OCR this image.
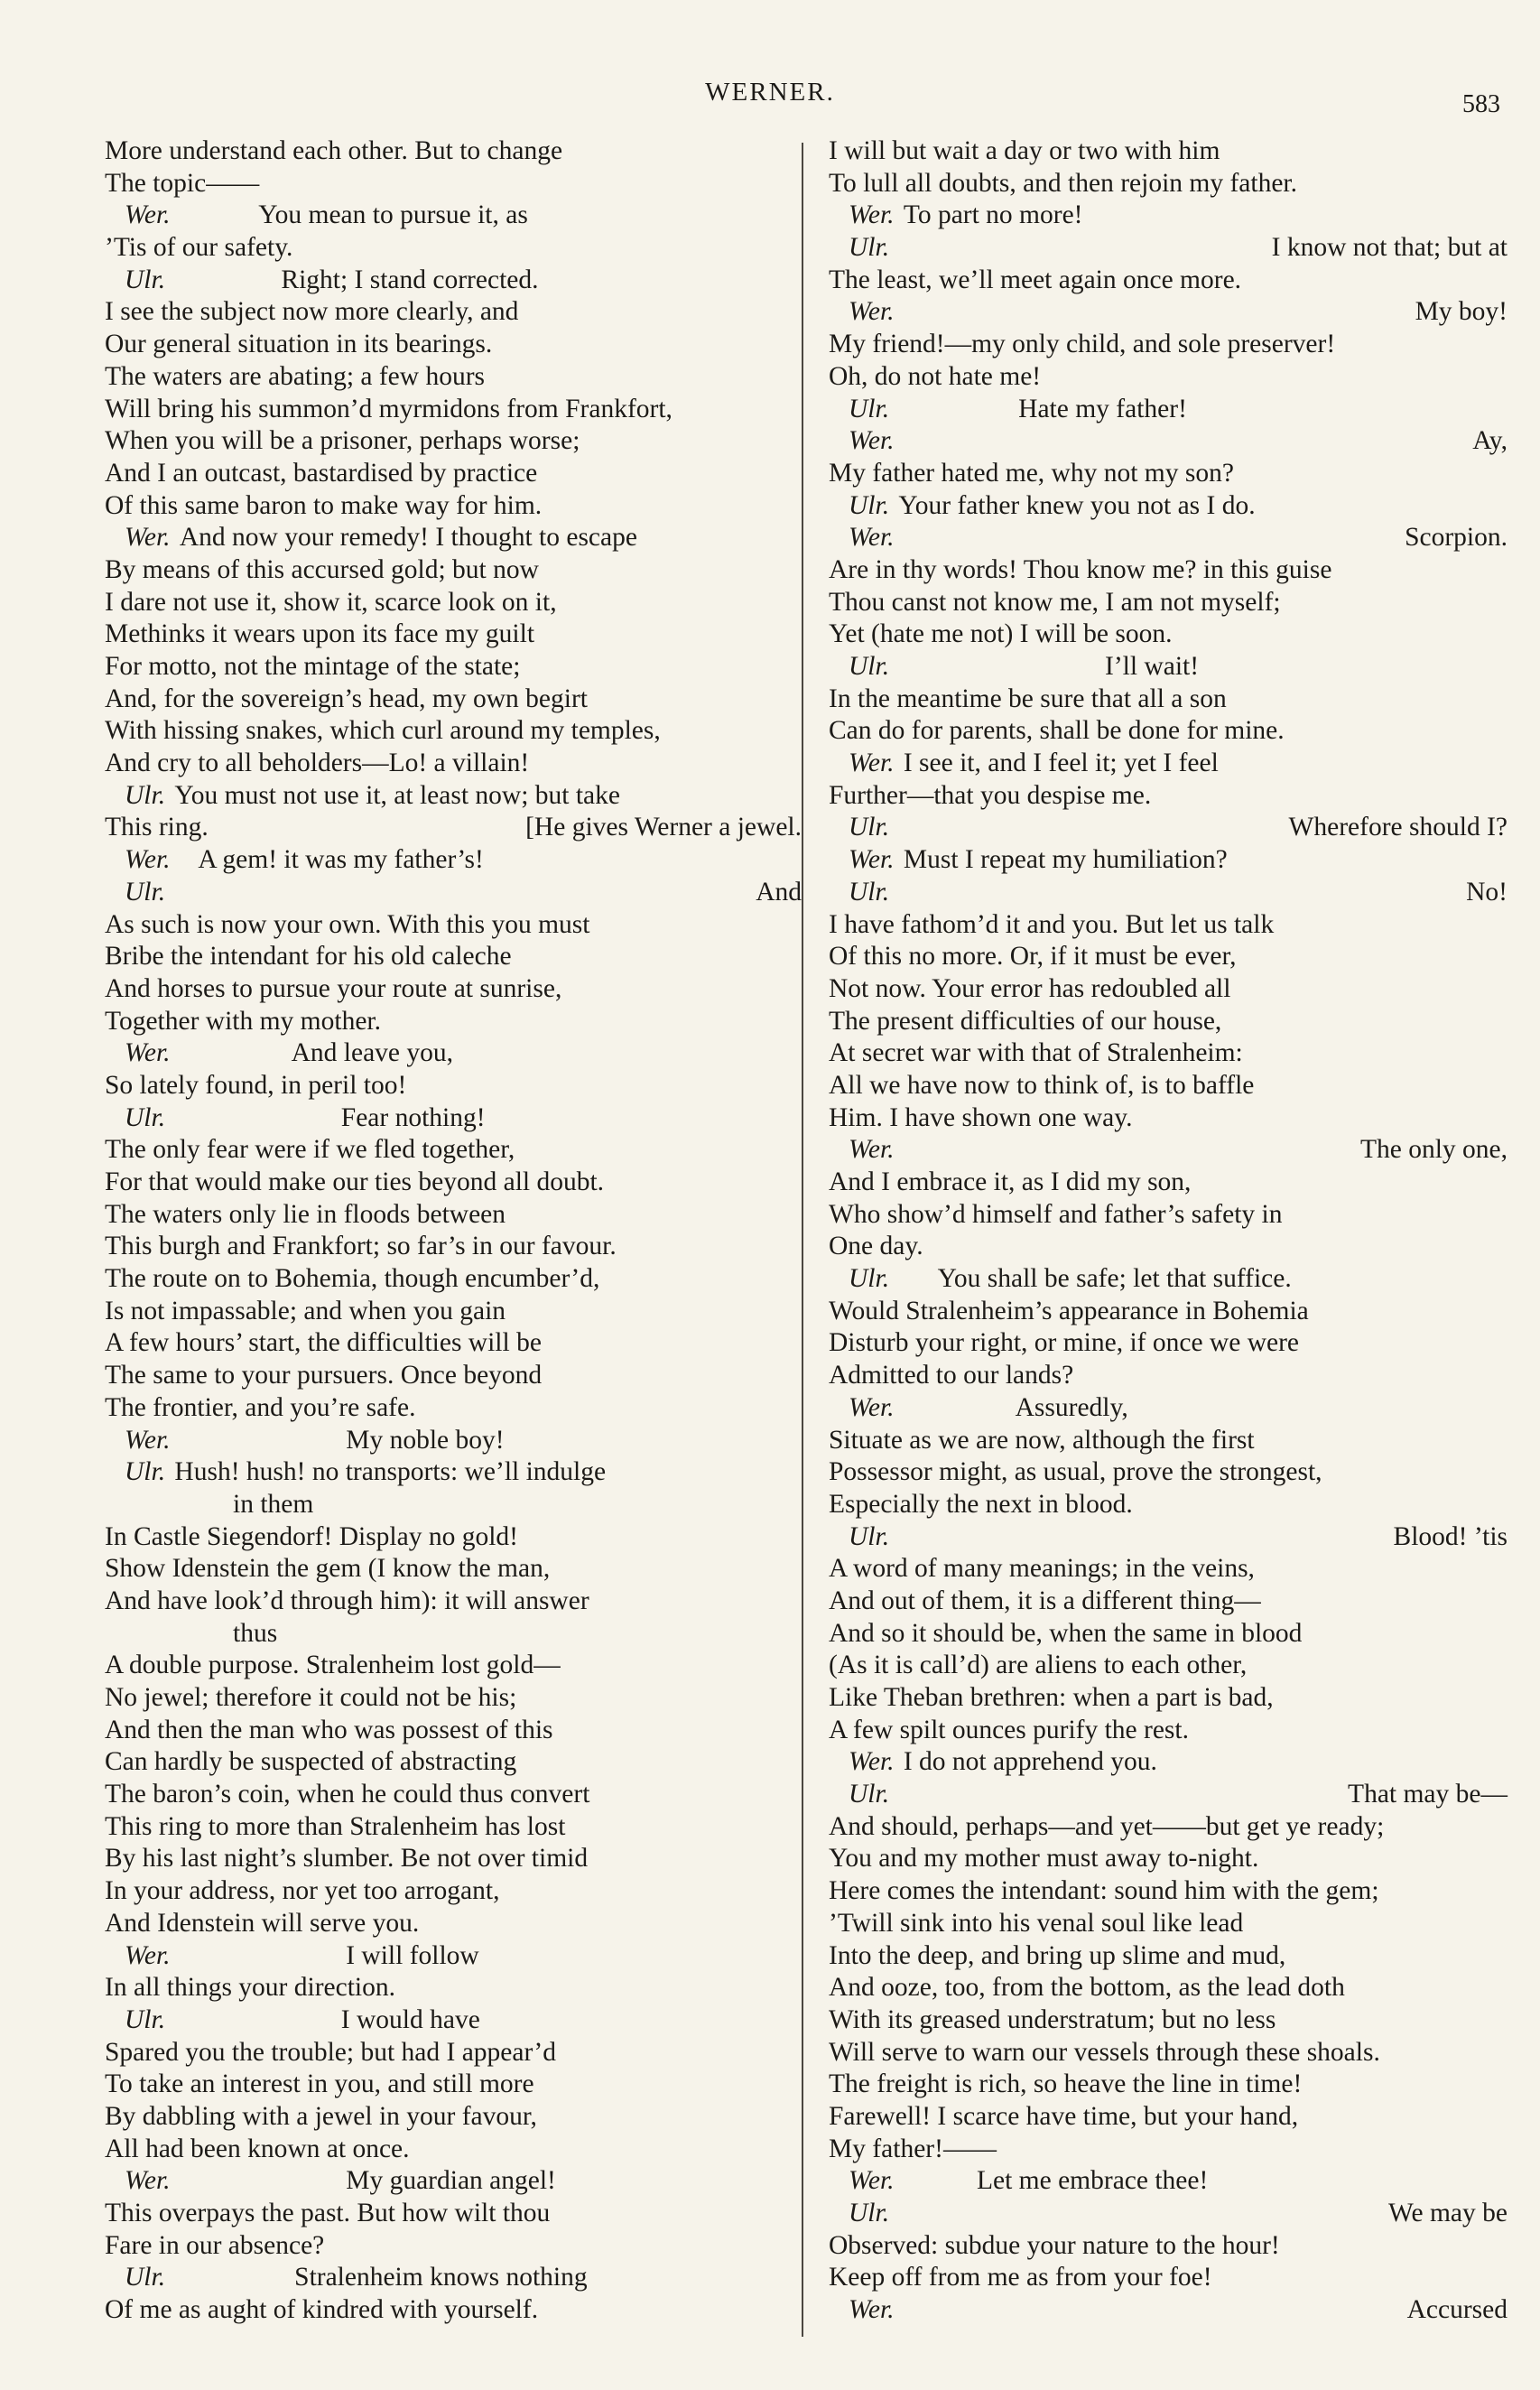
WERNER.	583
More understand each other. But to change
The topic——
Wer.	You mean to pursue it, as
’Tis of our safety.
Ulr.	Right; I stand corrected.
I see the subject now more clearly, and
Our general situation in its bearings.
The waters are abating; a few hours
Will bring his summon’d myrmidons from Frankfort,
When you will be a prisoner, perhaps worse;
And I an outcast, bastardised by practice
Of this same baron to make way for him.
Wer. And now your remedy! I thought to escape
By means of this accursed gold; but now
I dare not use it, show it, scarce look on it,
Methinks it wears upon its face my guilt
For motto, not the mintage of the state;
And, for the sovereign’s head, my own begirt
With hissing snakes, which curl around my temples,
And cry to all beholders—Lo! a villain!
Ulr. You must not use it, at least now; but take
This ring.	[He gives Werner a jewel.
Wer. A gem! it was my father’s!
Ulr.	And
As such is now your own. With this you must
Bribe the intendant for his old caleche
And horses to pursue your route at sunrise,
Together with my mother.
Wer.	And leave you,
So lately found, in peril too!
Ulr.	Fear nothing!
The only fear were if we fled together,
For that would make our ties beyond all doubt.
The waters only lie in floods between
This burgh and Frankfort; so far’s in our favour.
The route on to Bohemia, though encumber’d,
Is not impassable; and when you gain
A few hours’ start, the difficulties will be
The same to your pursuers. Once beyond
The frontier, and you’re safe.
Wer.	My noble boy!
Ulr. Hush! hush! no transports: we’ll indulge
in them
In Castle Siegendorf! Display no gold!
Show Idenstein the gem (I know the man,
And have look’d through him): it will answer
thus
A double purpose. Stralenheim lost gold—
No jewel; therefore it could not be his;
And then the man who was possest of this
Can hardly be suspected of abstracting
The baron’s coin, when he could thus convert
This ring to more than Stralenheim has lost
By his last night’s slumber. Be not over timid
In your address, nor yet too arrogant,
And Idenstein will serve you.
Wer.	I will follow
In all things your direction.
Ulr.	I would have
Spared you the trouble; but had I appear’d
To take an interest in you, and still more
By dabbling with a jewel in your favour,
All had been known at once.
Wer.	My guardian angel!
This overpays the past. But how wilt thou
Fare in our absence?
Ulr.	Stralenheim knows nothing
Of me as aught of kindred with yourself.
I will but wait a day or two with him
To lull all doubts, and then rejoin my father.
Wer. To part no more!
Ulr.	I know not that; but at
The least, we’ll meet again once more.
Wer.	My boy!
My friend!—my only child, and sole preserver!
Oh, do not hate me!
Ulr.	Hate my father!
Wer.	Ay,
My father hated me, why not my son?
Ulr. Your father knew you not as I do.
Wer.	Scorpion.
Are in thy words! Thou know me? in this guise
Thou canst not know me, I am not myself;
Yet (hate me not) I will be soon.
Ulr.	I’ll wait!
In the meantime be sure that all a son
Can do for parents, shall be done for mine.
Wer. I see it, and I feel it; yet I feel
Further—that you despise me.
Ulr.	Wherefore should I?
Wer. Must I repeat my humiliation?
Ulr.	No!
I have fathom’d it and you. But let us talk
Of this no more. Or, if it must be ever,
Not now. Your error has redoubled all
The present difficulties of our house,
At secret war with that of Stralenheim:
All we have now to think of, is to baffle
Him. I have shown one way.
Wer.	The only one,
And I embrace it, as I did my son,
Who show’d himself and father’s safety in
One day.
Ulr. You shall be safe; let that suffice.
Would Stralenheim’s appearance in Bohemia
Disturb your right, or mine, if once we were
Admitted to our lands?
Wer.	Assuredly,
Situate as we are now, although the first
Possessor might, as usual, prove the strongest,
Especially the next in blood.
Ulr.	Blood! ’tis
A word of many meanings; in the veins,
And out of them, it is a different thing—
And so it should be, when the same in blood
(As it is call’d) are aliens to each other,
Like Theban brethren: when a part is bad,
A few spilt ounces purify the rest.
Wer. I do not apprehend you.
Ulr.	That may be—
And should, perhaps—and yet——but get ye ready;
You and my mother must away to-night.
Here comes the intendant: sound him with the gem;
’Twill sink into his venal soul like lead
Into the deep, and bring up slime and mud,
And ooze, too, from the bottom, as the lead doth
With its greased understratum; but no less
Will serve to warn our vessels through these shoals.
The freight is rich, so heave the line in time!
Farewell! I scarce have time, but your hand,
My father!——
Wer.	Let me embrace thee!
Ulr.	We may be
Observed: subdue your nature to the hour!
Keep off from me as from your foe!
Wer.	Accursed
